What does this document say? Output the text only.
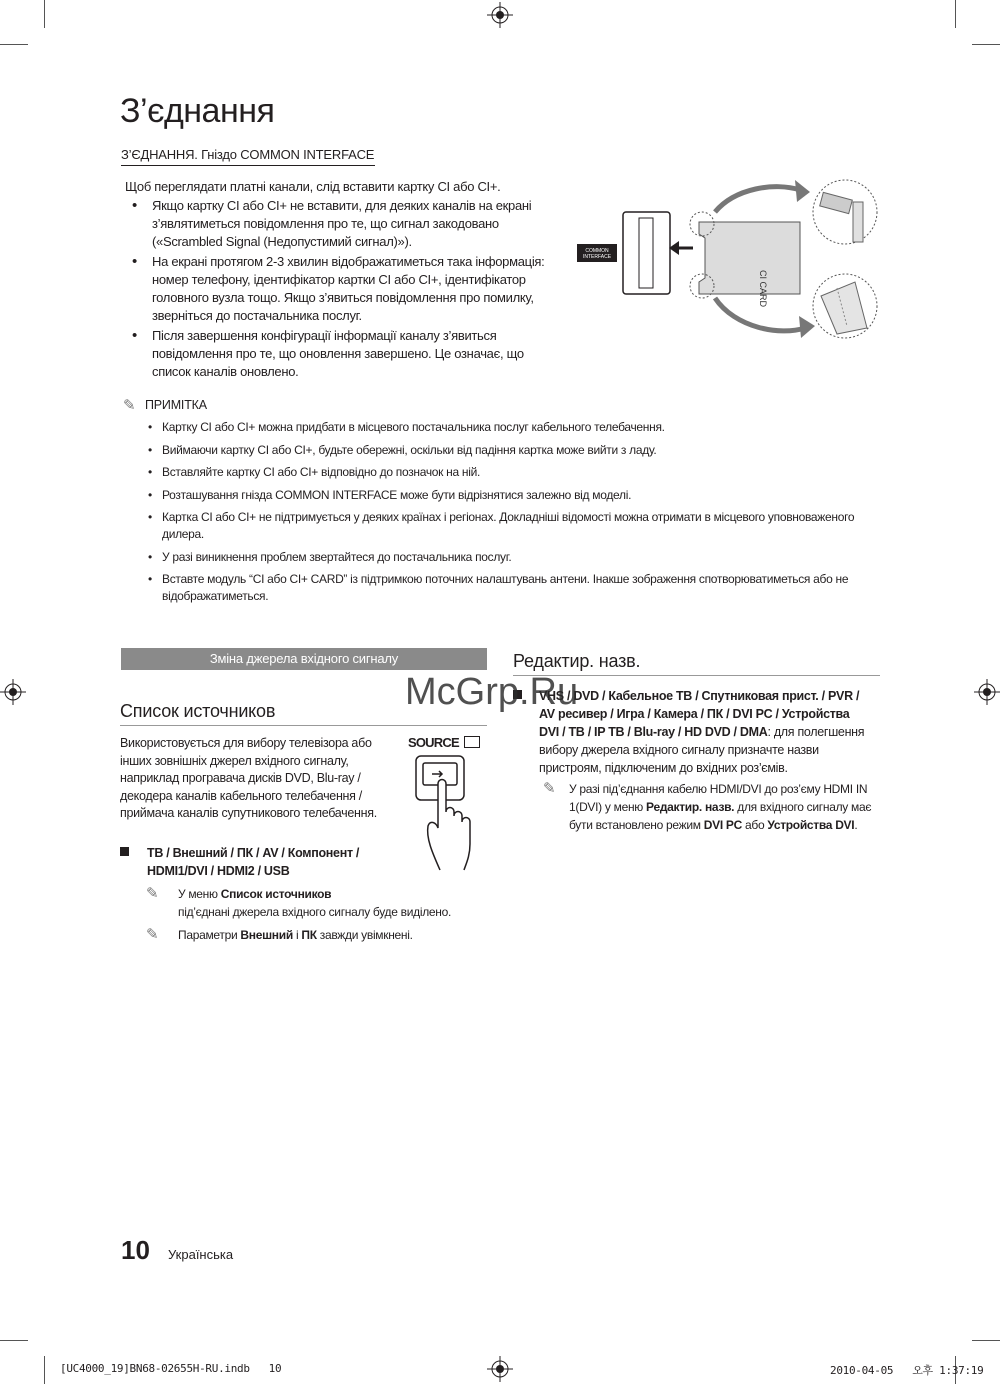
З’єднання
З’ЄДНАННЯ. Гніздо COMMON INTERFACE
Щоб переглядати платні канали, слід вставити картку CI або CI+.
• Якщо картку CI або CI+ не вставити, для деяких каналів на екрані з’являтиметься повідомлення про те, що сигнал закодовано («Scrambled Signal (Недопустимий сигнал)»).
• На екрані протягом 2-3 хвилин відображатиметься така інформація: номер телефону, ідентифікатор картки CI або CI+, ідентифікатор головного вузла тощо. Якщо з’явиться повідомлення про помилку, зверніться до постачальника послуг.
• Після завершення конфігурації інформації каналу з’явиться повідомлення про те, що оновлення завершено. Це означає, що список каналів оновлено.
COMMON
INTERFACE
CI CARD
✎ ПРИМІТКА
• Картку CI або CI+ можна придбати в місцевого постачальника послуг кабельного телебачення.
• Виймаючи картку CI або CI+, будьте обережні, оскільки від падіння картка може вийти з ладу.
• Вставляйте картку CI або CI+ відповідно до позначок на ній.
• Розташування гнізда COMMON INTERFACE може бути відрізнятися залежно від моделі.
• Картка CI або CI+ не підтримується у деяких країнах і регіонах. Докладніші відомості можна отримати в місцевого уповноваженого дилера.
• У разі виникнення проблем звертайтеся до постачальника послуг.
• Вставте модуль “CI або CI+ CARD” із підтримкою поточних налаштувань антени. Інакше зображення спотворюватиметься або не відображатиметься.
Зміна джерела вхідного сигналу
Список источников
Використовується для вибору телевізора або інших зовнішніх джерел вхідного сигналу, наприклад програвача дисків DVD, Blu-ray / декодера каналів кабельного телебачення / приймача каналів супутникового телебачення.
SOURCE
ТВ / Внешний / ПК / AV / Компонент /
HDMI1/DVI / HDMI2 / USB
✎	У меню Список источников
під’єднані джерела вхідного сигналу буде виділено.
✎	Параметри Внешний і ПК завжди увімкнені.
Редактир. назв.
VHS / DVD / Кабельное ТВ / Спутниковая прист. / PVR /
AV ресивер / Игра / Камера / ПК / DVI PC / Устройства
DVI / ТВ / IP ТВ / Blu-ray / HD DVD / DMA: для полегшення
вибору джерела вхідного сигналу призначте назви пристроям, підключеним до вхідних роз’ємів.
✎	У разі під’єднання кабелю HDMI/DVI до роз’єму HDMI IN 1(DVI) у меню Редактир. назв. для вхідного сигналу має бути встановлено режим DVI PC або Устройства DVI.
McGrp.Ru
10 Українська
[UC4000_19]BN68-02655H-RU.indb   10	2010-04-05   오후 1:37:19
